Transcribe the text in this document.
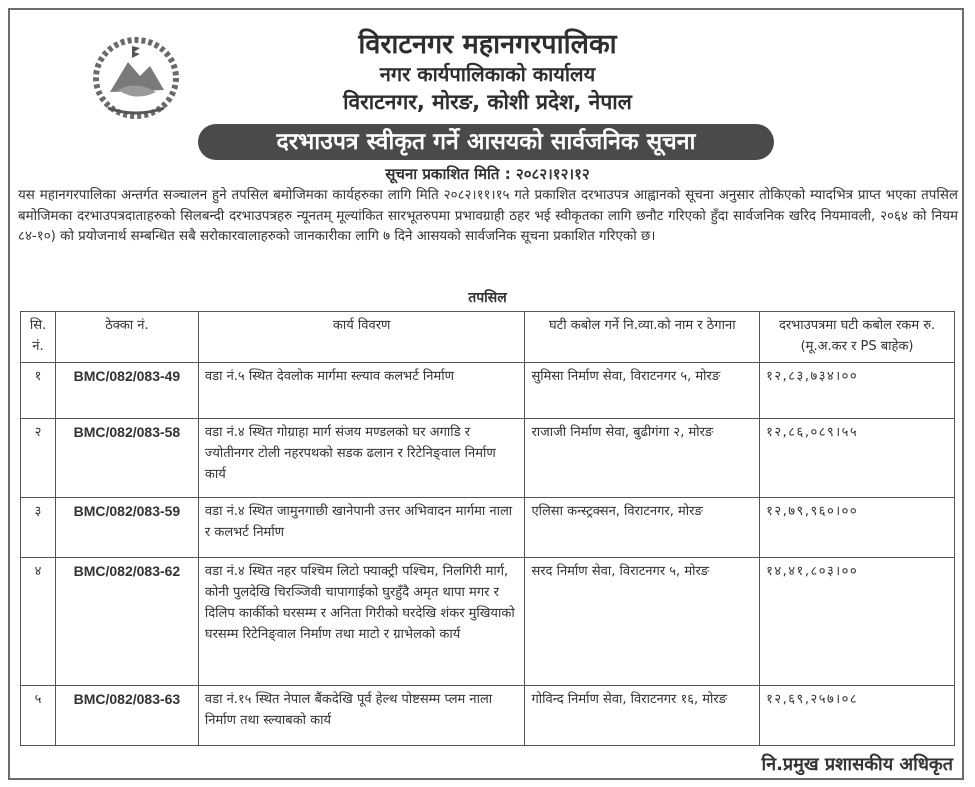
विराटनगर महानगरपालिका
नगर कार्यपालिकाको कार्यालय
विराटनगर, मोरङ, कोशी प्रदेश, नेपाल
दरभाउपत्र स्वीकृत गर्ने आसयको सार्वजनिक सूचना
सूचना प्रकाशित मिति : २०८२।१२।१२
यस महानगरपालिका अन्तर्गत सञ्चालन हुने तपसिल बमोजिमका कार्यहरुका लागि मिति २०८२।११।१५ गते प्रकाशित दरभाउपत्र आह्वानको सूचना अनुसार तोकिएको म्यादभित्र प्राप्त भएका तपसिल बमोजिमका दरभाउपत्रदाताहरुको सिलबन्दी दरभाउपत्रहरु न्यूनतम् मूल्यांकित सारभूतरुपमा प्रभावग्राही ठहर भई स्वीकृतका लागि छनौट गरिएको हुँदा सार्वजनिक खरिद नियमावली, २०६४ को नियम ८४-१०) को प्रयोजनार्थ सम्बन्धित सबै सरोकारवालाहरुको जानकारीका लागि ७ दिने आसयको सार्वजनिक सूचना प्रकाशित गरिएको छ।
तपसिल
सि. नं.	ठेक्का नं.	कार्य विवरण	घटी कबोल गर्ने नि.व्या.को नाम र ठेगाना	दरभाउपत्रमा घटी कबोल रकम रु.(मू.अ.कर र PS बाहेक)
१	BMC/082/083-49	वडा नं.५ स्थित देवलोक मार्गमा स्ल्याव कलभर्ट निर्माण	सुमिसा निर्माण सेवा, विराटनगर ५, मोरङ	१२,८३,७३४।००
२	BMC/082/083-58	वडा नं.४ स्थित गोग्राहा मार्ग संजय मण्डलको घर अगाडि र ज्योतीनगर टोली नहरपथको सडक ढलान र रिटेनिङ्वाल निर्माण कार्य	राजाजी निर्माण सेवा, बुढीगंगा २, मोरङ	१२,८६,०८९।५५
३	BMC/082/083-59	वडा नं.४ स्थित जामुनगाछी खानेपानी उत्तर अभिवादन मार्गमा नाला र कलभर्ट निर्माण	एलिसा कन्स्ट्रक्सन, विराटनगर, मोरङ	१२,७९,९६०।००
४	BMC/082/083-62	वडा नं.४ स्थित नहर पश्चिम लिटो फ्याक्ट्री पश्चिम, निलगिरी मार्ग, कोनी पुलदेखि चिरञ्जिवी चापागाईको घुरहुँदै अमृत थापा मगर र दिलिप कार्कीको घरसम्म र अनिता गिरीको घरदेखि शंकर मुखियाको घरसम्म रिटेनिङ्वाल निर्माण तथा माटो र ग्राभेलको कार्य	सरद निर्माण सेवा, विराटनगर ५, मोरङ	१४,४१,८०३।००
५	BMC/082/083-63	वडा नं.१५ स्थित नेपाल बैंकदेखि पूर्व हेल्थ पोष्टसम्म प्लम नाला निर्माण तथा स्ल्याबको कार्य	गोविन्द निर्माण सेवा, विराटनगर १६, मोरङ	१२,६९,२५७।०८
नि.प्रमुख प्रशासकीय अधिकृत
